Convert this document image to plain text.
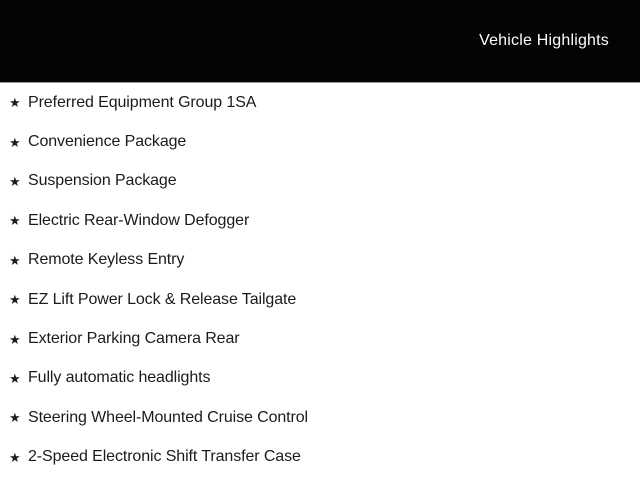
Vehicle Highlights
★ Preferred Equipment Group 1SA
★ Convenience Package
★ Suspension Package
★ Electric Rear-Window Defogger
★ Remote Keyless Entry
★ EZ Lift Power Lock & Release Tailgate
★ Exterior Parking Camera Rear
★ Fully automatic headlights
★ Steering Wheel-Mounted Cruise Control
★ 2-Speed Electronic Shift Transfer Case
